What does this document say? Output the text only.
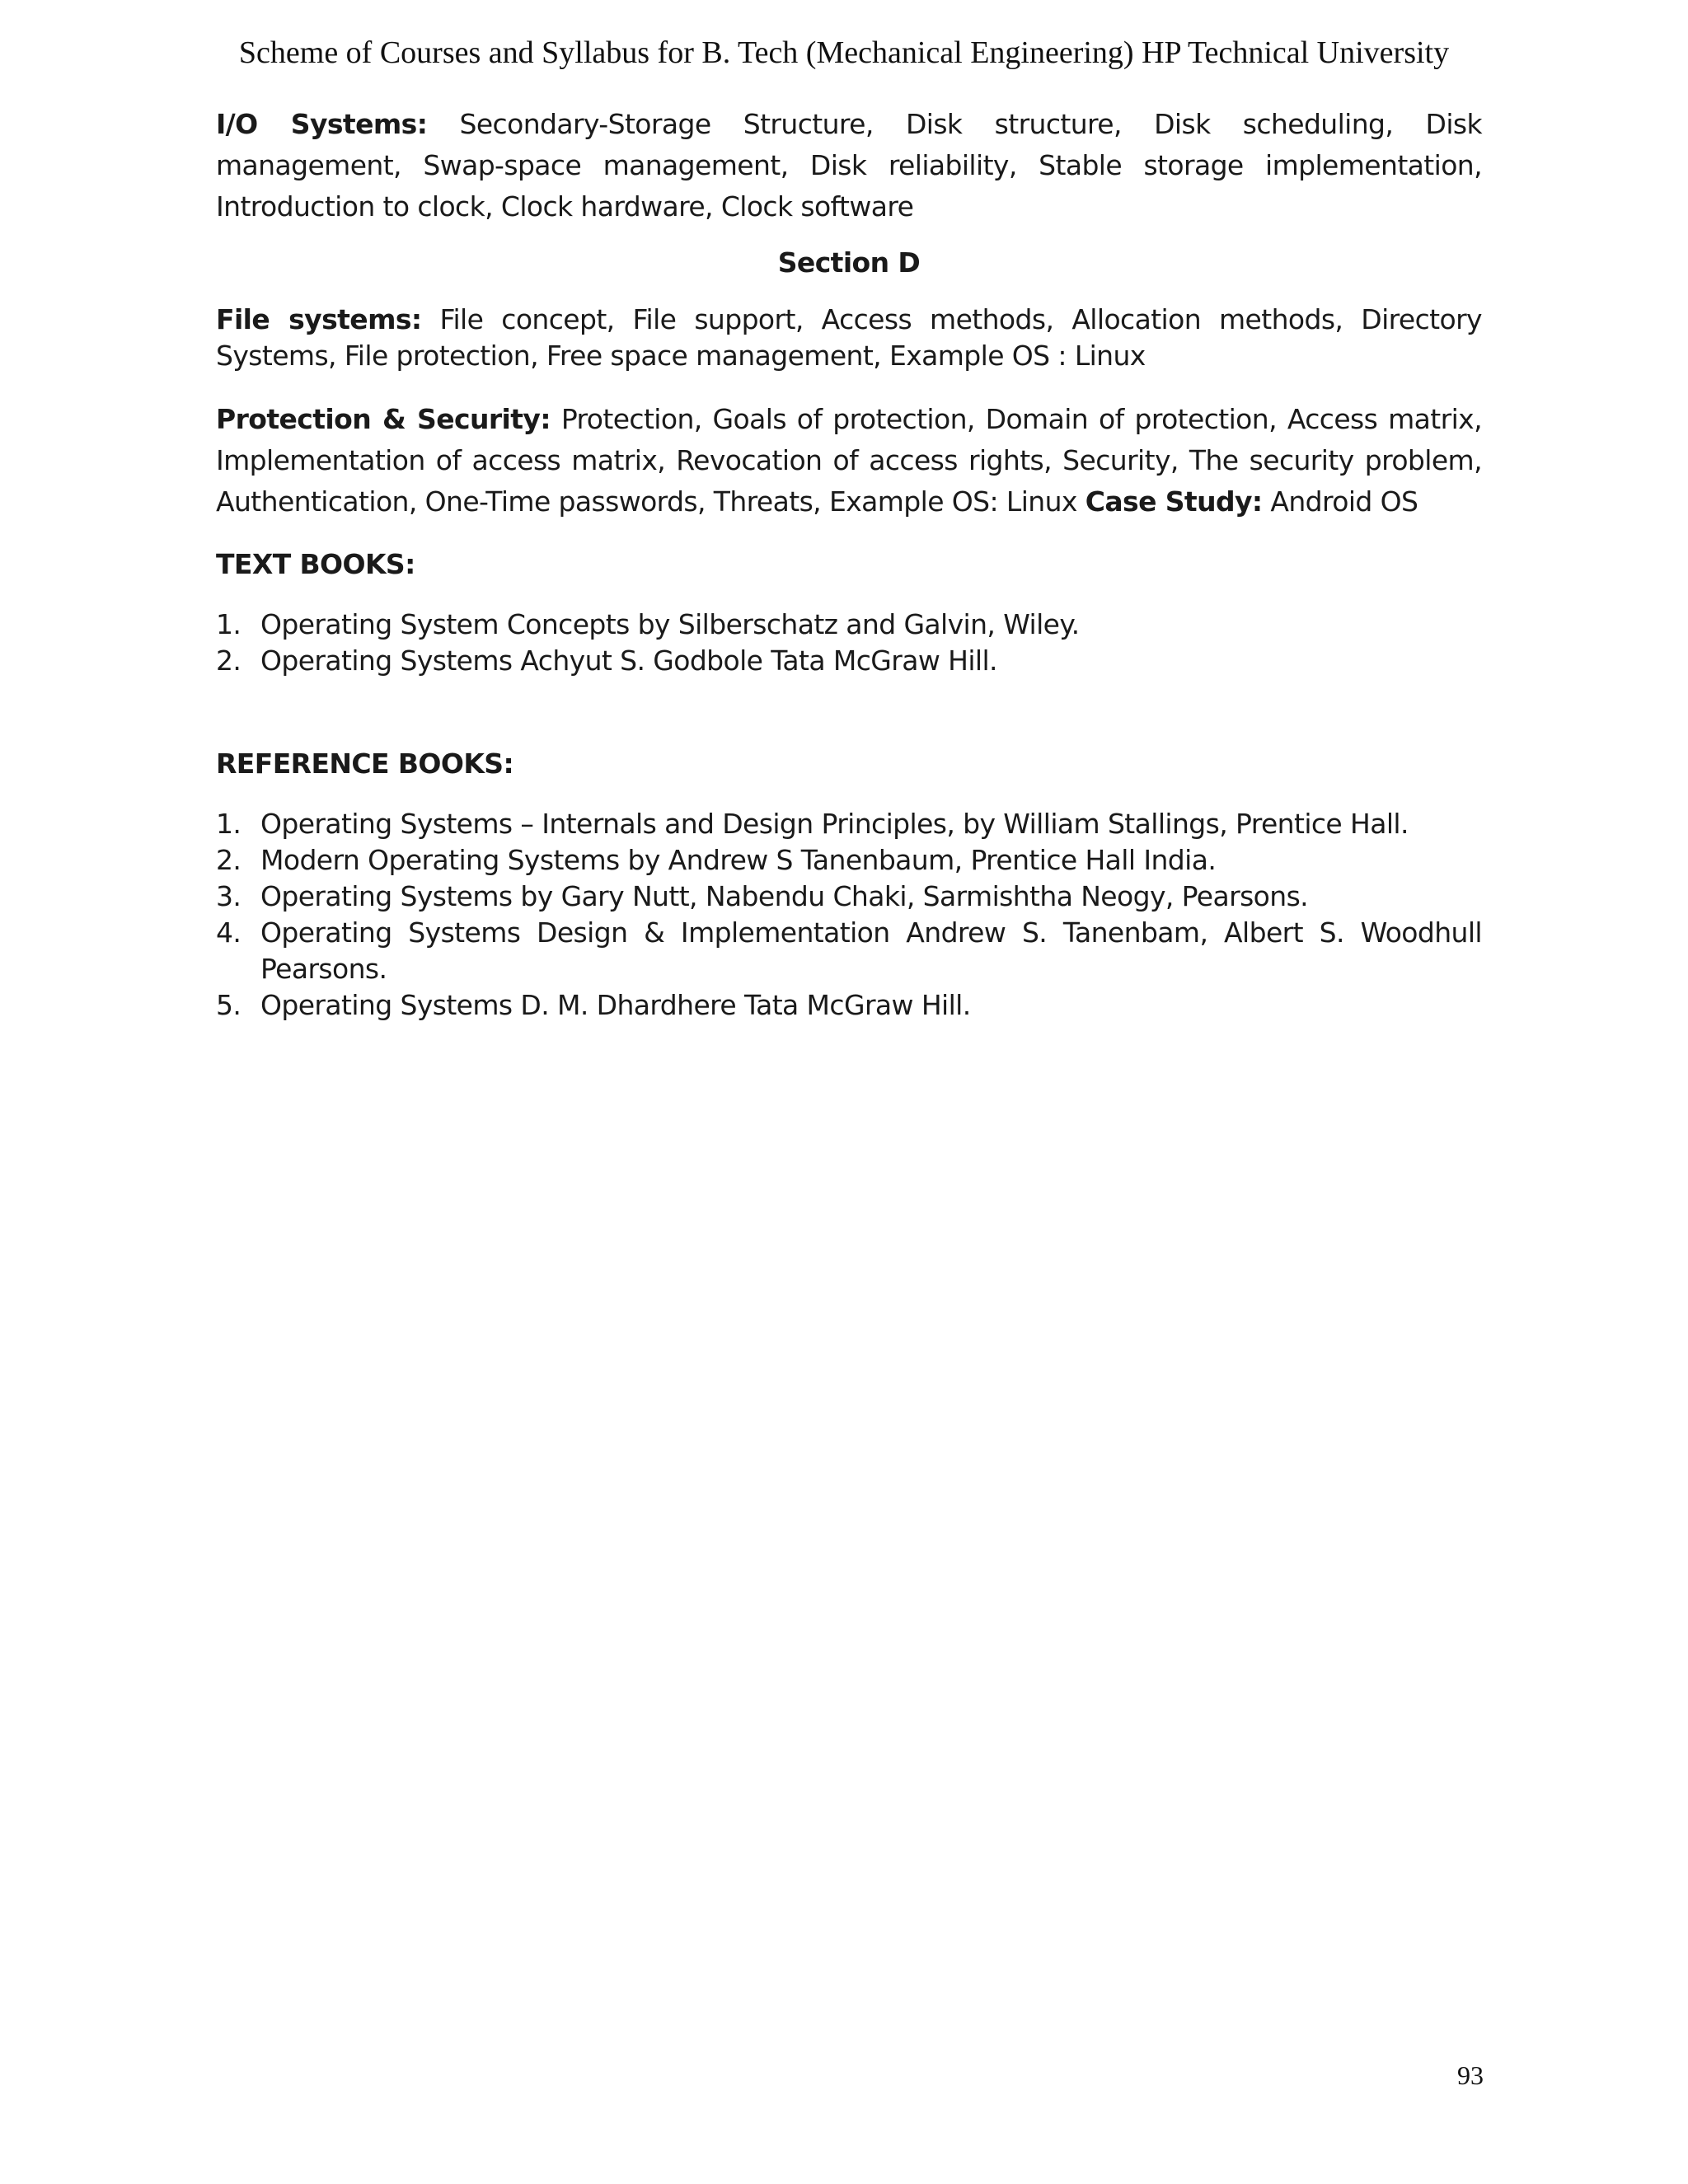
Scheme of Courses and Syllabus for B. Tech (Mechanical Engineering) HP Technical University

I/O Systems: Secondary-Storage Structure, Disk structure, Disk scheduling, Disk management, Swap-space management, Disk reliability, Stable storage implementation, Introduction to clock, Clock hardware, Clock software

Section D

File systems: File concept, File support, Access methods, Allocation methods, Directory Systems, File protection, Free space management, Example OS : Linux

Protection & Security: Protection, Goals of protection, Domain of protection, Access matrix, Implementation of access matrix, Revocation of access rights, Security, The security problem, Authentication, One-Time passwords, Threats, Example OS: Linux Case Study: Android OS

TEXT BOOKS:

1. Operating System Concepts by Silberschatz and Galvin, Wiley.
2. Operating Systems Achyut S. Godbole Tata McGraw Hill.

REFERENCE BOOKS:

1. Operating Systems – Internals and Design Principles, by William Stallings, Prentice Hall.
2. Modern Operating Systems by Andrew S Tanenbaum, Prentice Hall India.
3. Operating Systems by Gary Nutt, Nabendu Chaki, Sarmishtha Neogy, Pearsons.
4. Operating Systems Design & Implementation Andrew S. Tanenbam, Albert S. Woodhull Pearsons.
5. Operating Systems D. M. Dhardhere Tata McGraw Hill.
93
